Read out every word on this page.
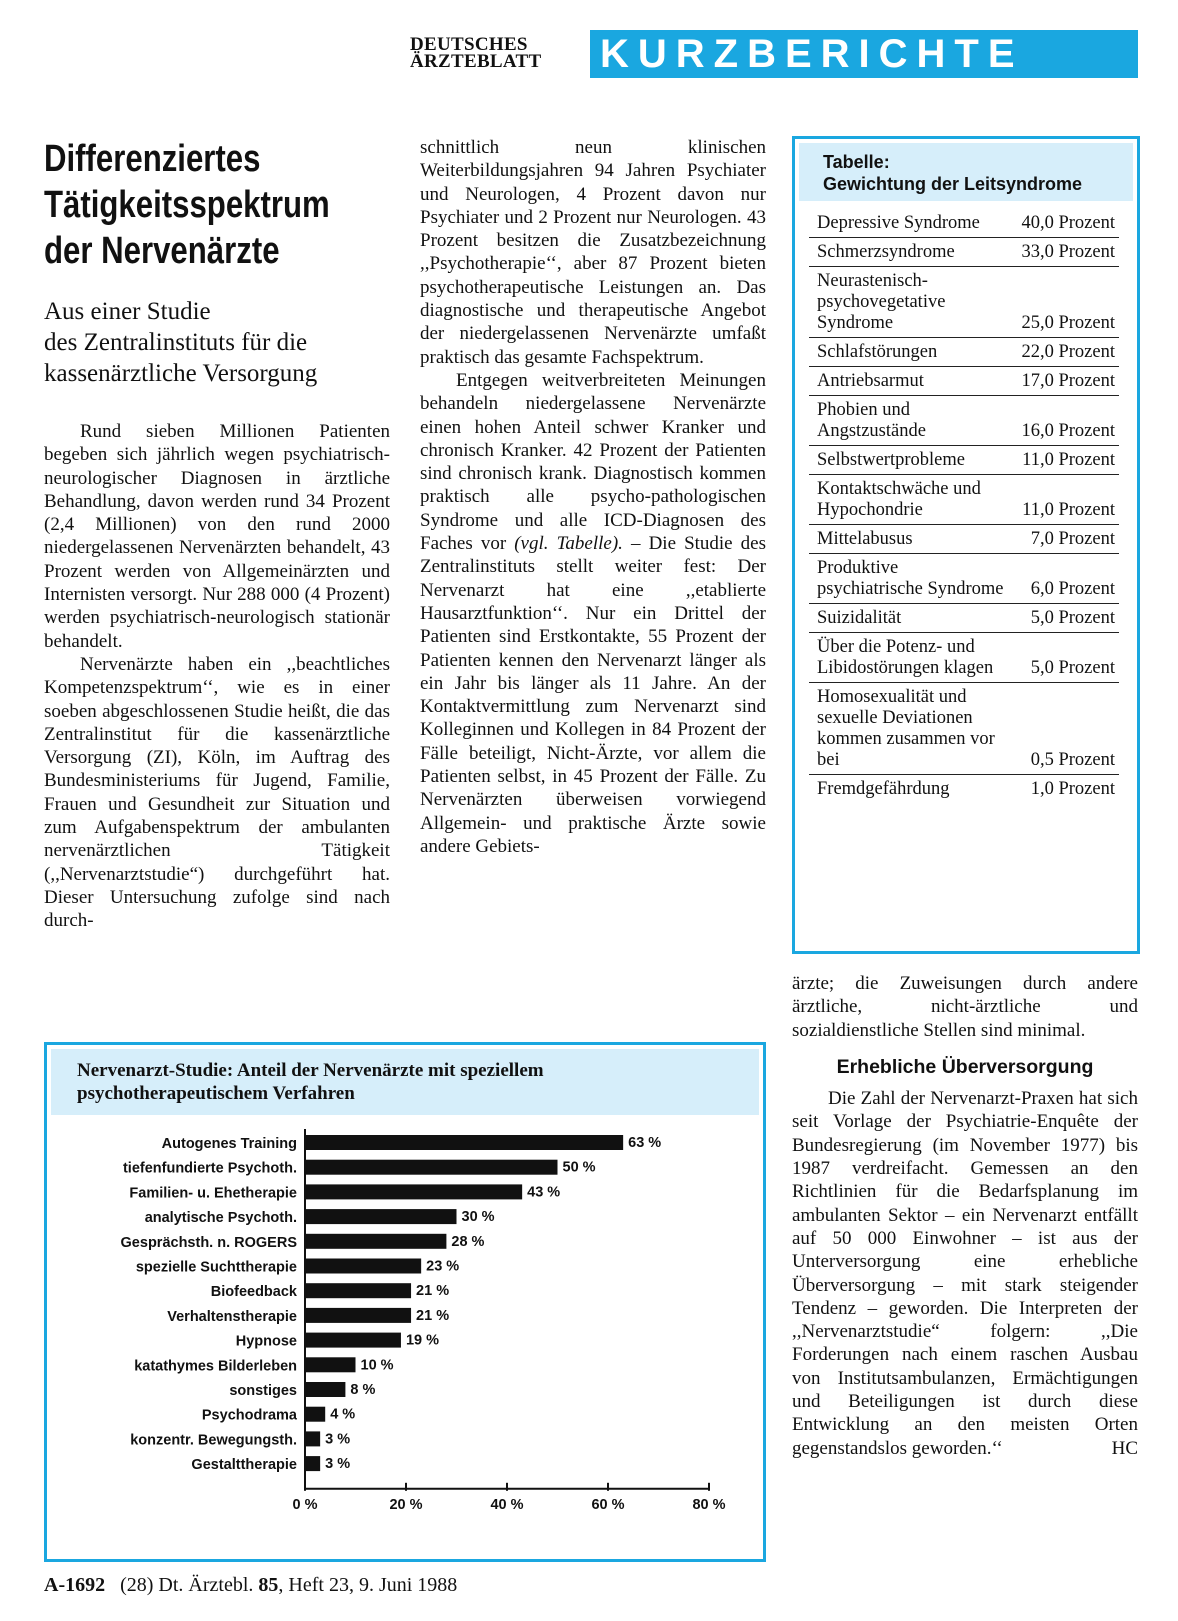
DEUTSCHES
ÄRZTEBLATT	KURZBERICHTE
Differenziertes
Tätigkeitsspektrum
der Nervenärzte
Aus einer Studie
des Zentralinstituts für die
kassenärztliche Versorgung

Rund sieben Millionen Patienten begeben sich jährlich wegen psychiatrisch-neurologischer Diagnosen in ärztliche Behandlung, davon werden rund 34 Prozent (2,4 Millionen) von den rund 2000 niedergelassenen Nervenärzten behandelt, 43 Prozent werden von Allgemeinärzten und Internisten versorgt. Nur 288 000 (4 Prozent) werden psychiatrisch-neurologisch stationär behandelt.

Nervenärzte haben ein ,,beachtliches Kompetenzspektrum‘‘, wie es in einer soeben abgeschlossenen Studie heißt, die das Zentralinstitut für die kassenärztliche Versorgung (ZI), Köln, im Auftrag des Bundesministeriums für Jugend, Familie, Frauen und Gesundheit zur Situation und zum Aufgabenspektrum der ambulanten nervenärztlichen Tätigkeit (,,Nervenarztstudie“) durchgeführt hat. Dieser Untersuchung zufolge sind nach durch-

schnittlich neun klinischen Weiterbildungsjahren 94 Jahren Psychiater und Neurologen, 4 Prozent davon nur Psychiater und 2 Prozent nur Neurologen. 43 Prozent besitzen die Zusatzbezeichnung ,,Psychotherapie‘‘, aber 87 Prozent bieten psychotherapeutische Leistungen an. Das diagnostische und therapeutische Angebot der niedergelassenen Nervenärzte umfaßt praktisch das gesamte Fachspektrum.

Entgegen weitverbreiteten Meinungen behandeln niedergelassene Nervenärzte einen hohen Anteil schwer Kranker und chronisch Kranker. 42 Prozent der Patienten sind chronisch krank. Diagnostisch kommen praktisch alle psycho-pathologischen Syndrome und alle ICD-Diagnosen des Faches vor (vgl. Tabelle). – Die Studie des Zentralinstituts stellt weiter fest: Der Nervenarzt hat eine ,,etablierte Hausarztfunktion‘‘. Nur ein Drittel der Patienten sind Erstkontakte, 55 Prozent der Patienten kennen den Nervenarzt länger als ein Jahr bis länger als 11 Jahre. An der Kontaktvermittlung zum Nervenarzt sind Kolleginnen und Kollegen in 84 Prozent der Fälle beteiligt, Nicht-Ärzte, vor allem die Patienten selbst, in 45 Prozent der Fälle. Zu Nervenärzten überweisen vorwiegend Allgemein- und praktische Ärzte sowie andere Gebiets-

Tabelle:
Gewichtung der Leitsyndrome
Depressive Syndrome 40,0 Prozent
Schmerzsyndrome	33,0 Prozent
Neurastenisch-psychovegetative Syndrome	25,0 Prozent
Schlafstörungen	22,0 Prozent
Antriebsarmut	17,0 Prozent
Phobien und Angstzustände	16,0 Prozent
Selbstwertprobleme	11,0 Prozent
Kontaktschwäche und Hypochondrie	11,0 Prozent
Mittelabusus	7,0 Prozent
Produktive psychiatrische Syndrome 6,0 Prozent
Suizidalität	5,0 Prozent
Über die Potenz- und Libidostörungen klagen	5,0 Prozent
Homosexualität und sexuelle Deviationen kommen zusammen vor bei	0,5 Prozent
Fremdgefährdung	1,0 Prozent

ärzte; die Zuweisungen durch andere ärztliche, nicht-ärztliche und sozialdienstliche Stellen sind minimal.

Erhebliche Überversorgung

Die Zahl der Nervenarzt-Praxen hat sich seit Vorlage der Psychiatrie-Enquête der Bundesregierung (im November 1977) bis 1987 verdreifacht. Gemessen an den Richtlinien für die Bedarfsplanung im ambulanten Sektor – ein Nervenarzt entfällt auf 50 000 Einwohner – ist aus der Unterversorgung eine erhebliche Überversorgung – mit stark steigender Tendenz – geworden. Die Interpreten der ,,Nervenarztstudie“ folgern: ,,Die Forderungen nach einem raschen Ausbau von Institutsambulanzen, Ermächtigungen und Beteiligungen ist durch diese Entwicklung an den meisten Orten gegenstandslos geworden.‘‘	HC

Nervenarzt-Studie: Anteil der Nervenärzte mit speziellem psychotherapeutischem Verfahren
Autogenes Training	63 %
tiefenfundierte Psychoth.	50 %
Familien- u. Ehetherapie	43 %
analytische Psychoth.	30 %
Gesprächsth. n. ROGERS	28 %
spezielle Suchttherapie	23 %
Biofeedback	21 %
Verhaltenstherapie	21 %
Hypnose	19 %
katathymes Bilderleben	10 %
sonstiges	8 %
Psychodrama 4 %
konzentr. Bewegungsth. 3 %
Gestalttherapie 3 %
0 %	20 %	40 %	60 %	80 %
A-1692 (28) Dt. Ärztebl. 85, Heft 23, 9. Juni 1988
